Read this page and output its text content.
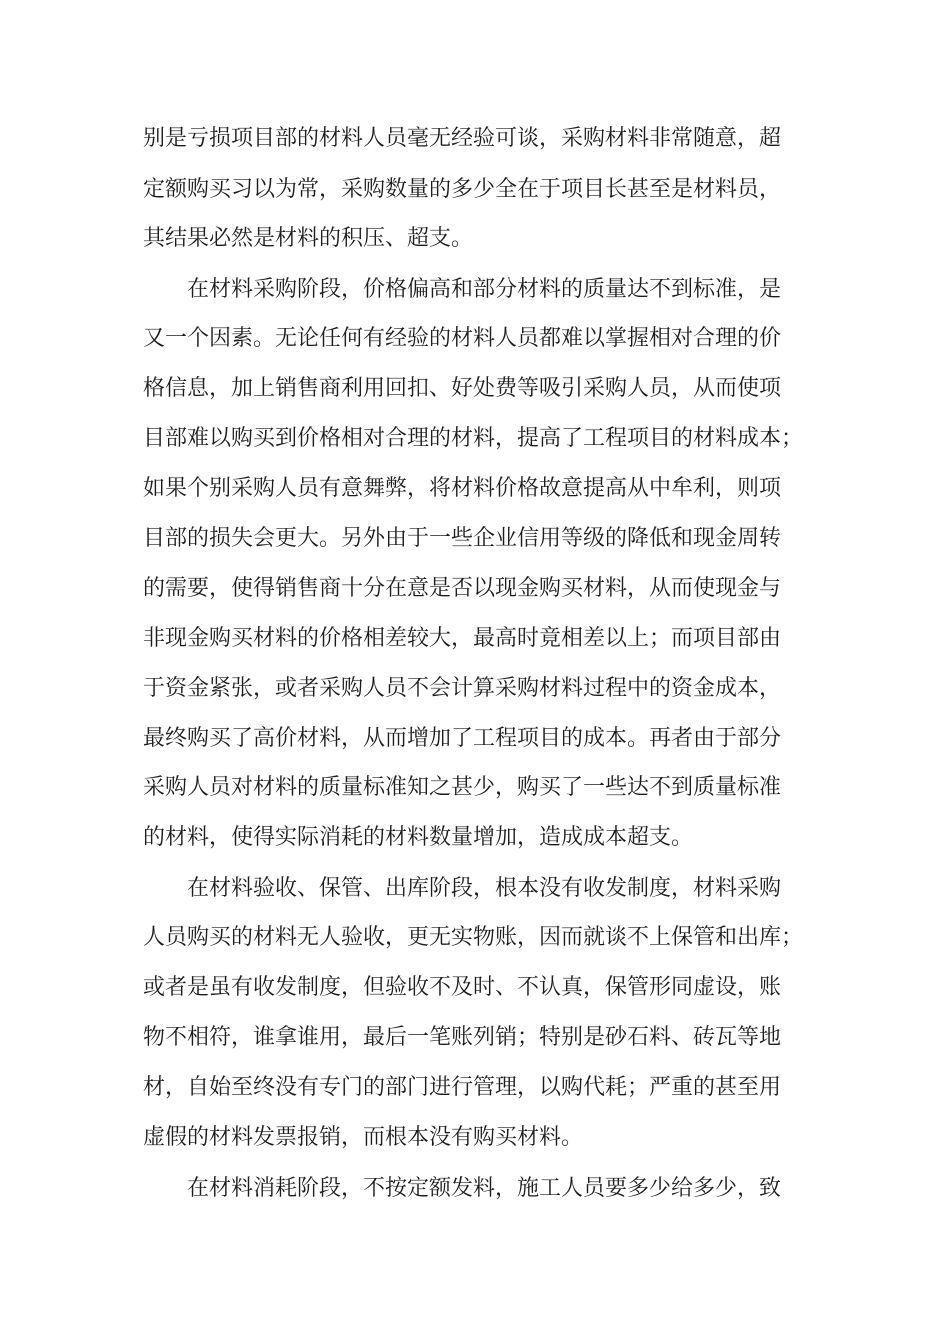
别是亏损项目部的材料人员毫无经验可谈，采购材料非常随意，超

定额购买习以为常，采购数量的多少全在于项目长甚至是材料员，

其结果必然是材料的积压、超支。

在材料采购阶段，价格偏高和部分材料的质量达不到标准，是

又一个因素。无论任何有经验的材料人员都难以掌握相对合理的价

格信息，加上销售商利用回扣、好处费等吸引采购人员，从而使项

目部难以购买到价格相对合理的材料，提高了工程项目的材料成本；

如果个别采购人员有意舞弊，将材料价格故意提高从中牟利，则项

目部的损失会更大。另外由于一些企业信用等级的降低和现金周转

的需要，使得销售商十分在意是否以现金购买材料，从而使现金与

非现金购买材料的价格相差较大，最高时竟相差以上；而项目部由

于资金紧张，或者采购人员不会计算采购材料过程中的资金成本，

最终购买了高价材料，从而增加了工程项目的成本。再者由于部分

采购人员对材料的质量标准知之甚少，购买了一些达不到质量标准

的材料，使得实际消耗的材料数量增加，造成成本超支。

在材料验收、保管、出库阶段，根本没有收发制度，材料采购

人员购买的材料无人验收，更无实物账，因而就谈不上保管和出库；

或者是虽有收发制度，但验收不及时、不认真，保管形同虚设，账

物不相符，谁拿谁用，最后一笔账列销；特别是砂石料、砖瓦等地

材，自始至终没有专门的部门进行管理，以购代耗；严重的甚至用

虚假的材料发票报销，而根本没有购买材料。

在材料消耗阶段，不按定额发料，施工人员要多少给多少，致
